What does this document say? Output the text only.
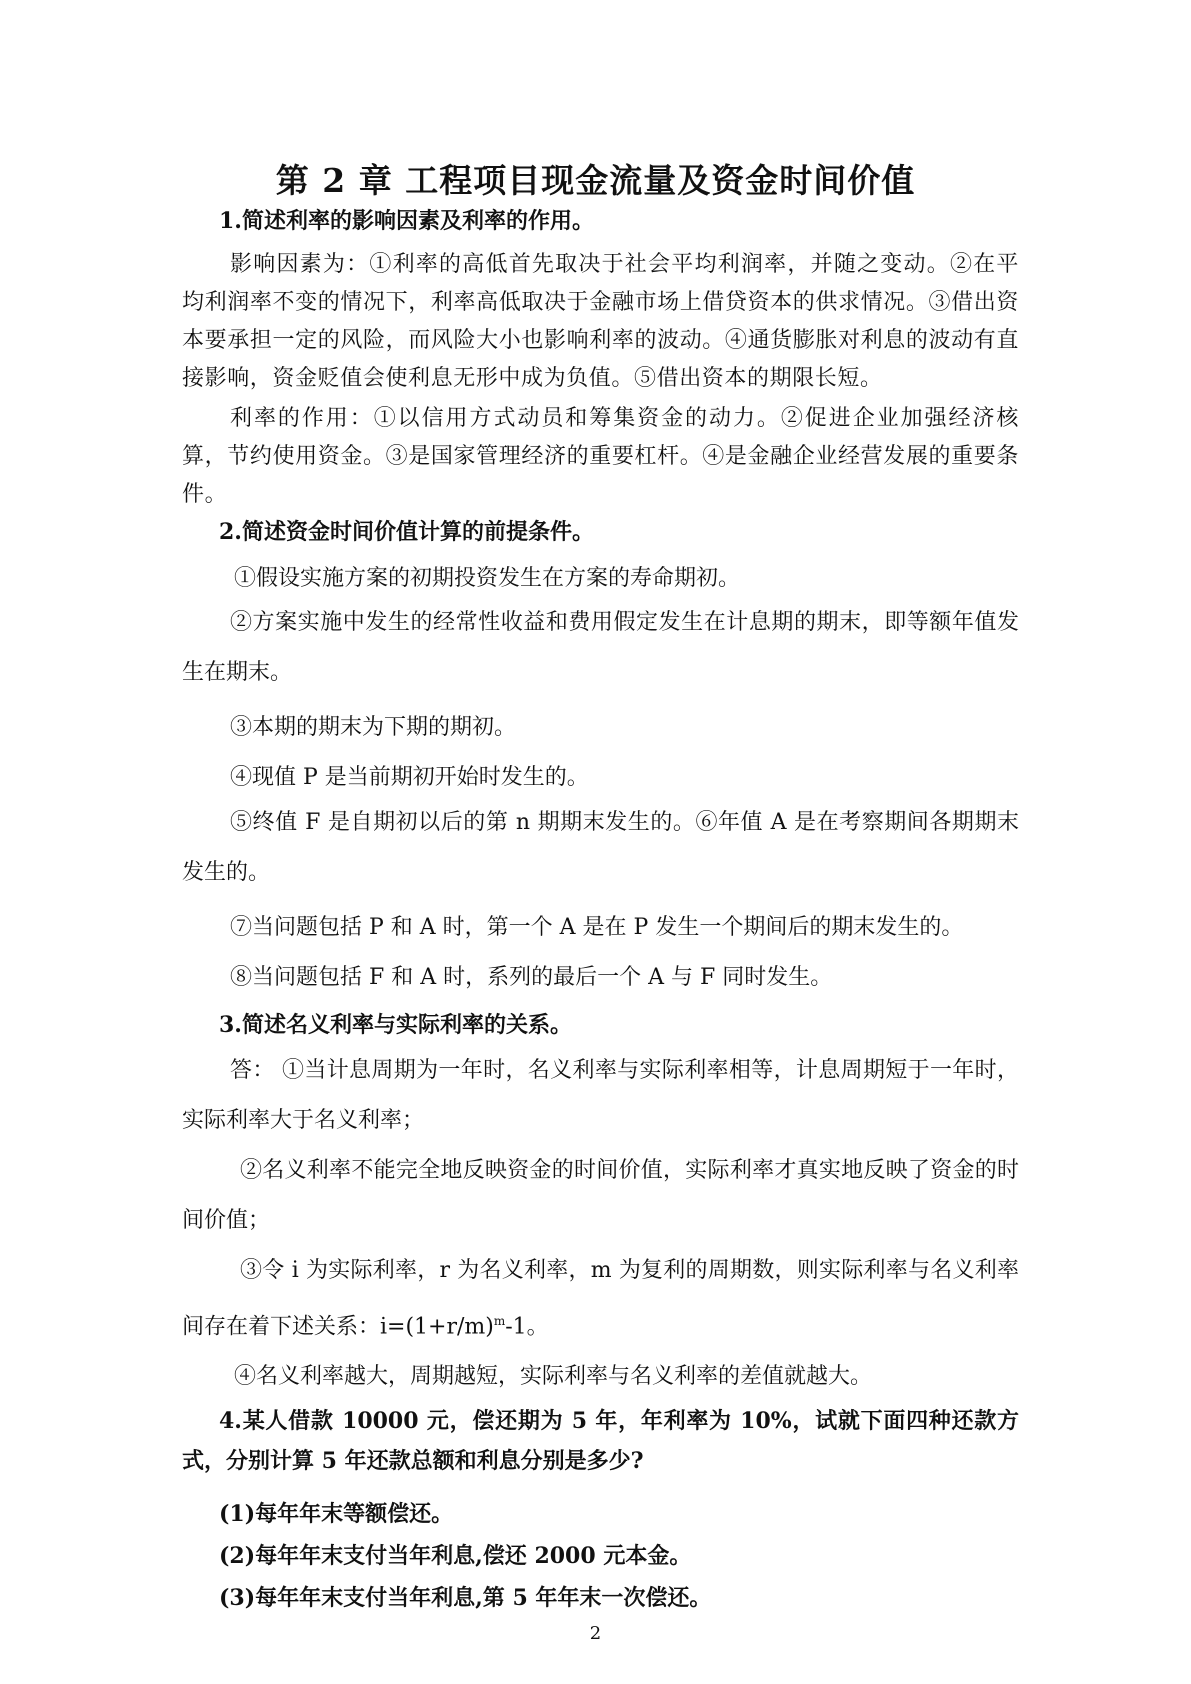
第 2 章 工程项目现金流量及资金时间价值
1.简述利率的影响因素及利率的作用。
影响因素为：①利率的高低首先取决于社会平均利润率，并随之变动。②在平均利润率不变的情况下，利率高低取决于金融市场上借贷资本的供求情况。③借出资本要承担一定的风险，而风险大小也影响利率的波动。④通货膨胀对利息的波动有直接影响，资金贬值会使利息无形中成为负值。⑤借出资本的期限长短。
利率的作用：①以信用方式动员和筹集资金的动力。②促进企业加强经济核算，节约使用资金。③是国家管理经济的重要杠杆。④是金融企业经营发展的重要条件。
2.简述资金时间价值计算的前提条件。
①假设实施方案的初期投资发生在方案的寿命期初。
②方案实施中发生的经常性收益和费用假定发生在计息期的期末，即等额年值发生在期末。
③本期的期末为下期的期初。
④现值 P 是当前期初开始时发生的。
⑤终值 F 是自期初以后的第 n 期期末发生的。⑥年值 A 是在考察期间各期期末发生的。
⑦当问题包括 P 和 A 时，第一个 A 是在 P 发生一个期间后的期末发生的。
⑧当问题包括 F 和 A 时，系列的最后一个 A 与 F 同时发生。
3.简述名义利率与实际利率的关系。
答： ①当计息周期为一年时，名义利率与实际利率相等，计息周期短于一年时，实际利率大于名义利率；
②名义利率不能完全地反映资金的时间价值，实际利率才真实地反映了资金的时间价值；
③令 i 为实际利率，r 为名义利率，m 为复利的周期数，则实际利率与名义利率间存在着下述关系：$i=(1+r/m)^m-1$。
④名义利率越大，周期越短，实际利率与名义利率的差值就越大。
4.某人借款 10000 元，偿还期为 5 年，年利率为 10%，试就下面四种还款方式，分别计算 5 年还款总额和利息分别是多少?
(1)每年年末等额偿还。
(2)每年年末支付当年利息,偿还 2000 元本金。
(3)每年年末支付当年利息,第 5 年年末一次偿还。
2
